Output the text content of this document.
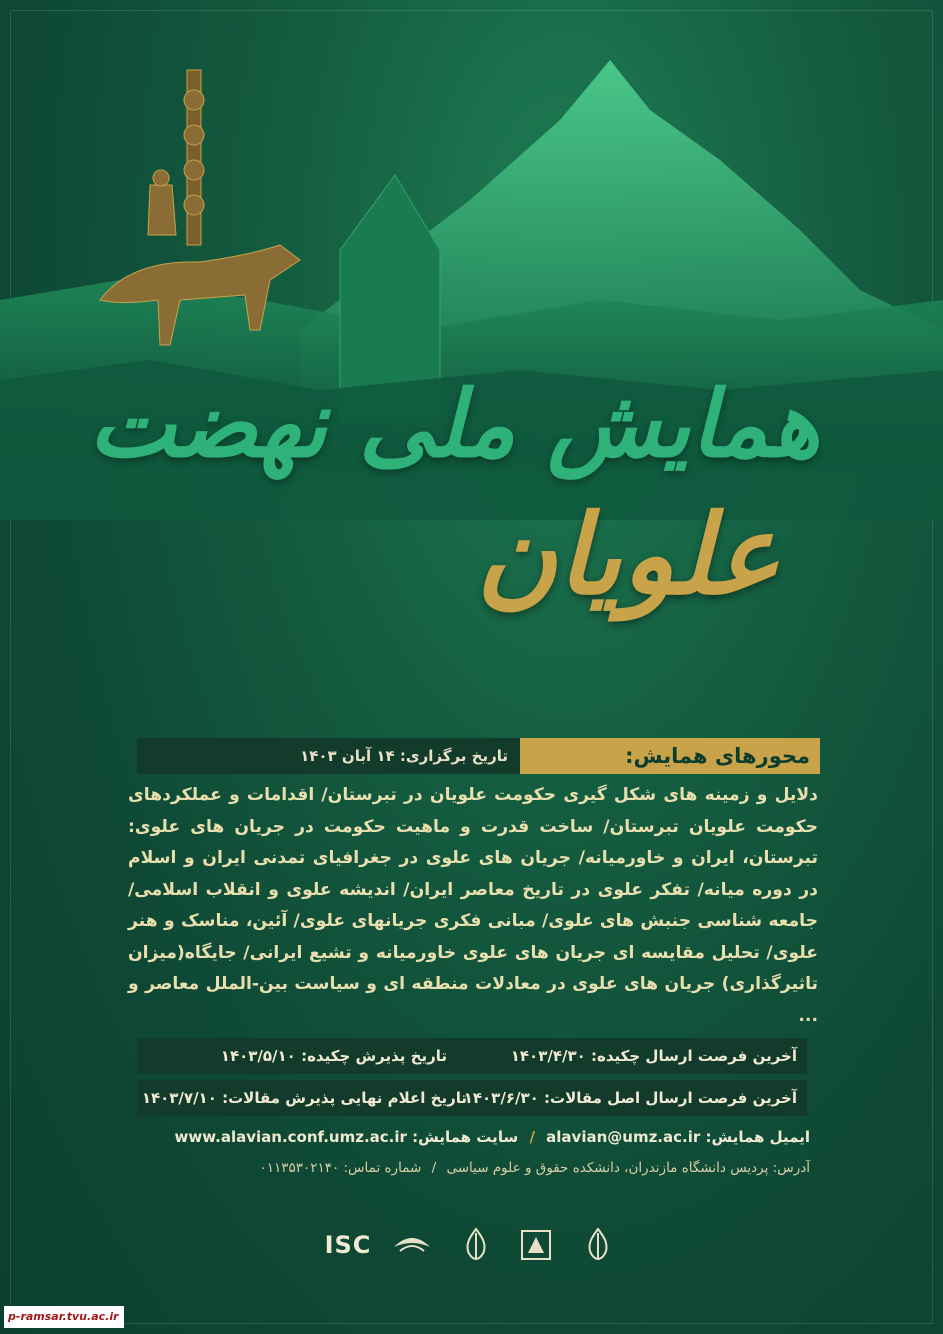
همایش ملی نهضت
علویان
تاریخ برگزاری: ۱۴ آبان ۱۴۰۳	محورهای همایش:
دلایل و زمینه های شکل گیری حکومت علویان در تبرستان/ اقدامات و عملکردهای حکومت علویان تبرستان/ ساخت قدرت و ماهیت حکومت در جریان های علوی: تبرستان، ایران و خاورمیانه/ جریان های علوی در جغرافیای تمدنی ایران و اسلام در دوره میانه/ تفکر علوی در تاریخ معاصر ایران/ اندیشه علوی و انقلاب اسلامی/ جامعه شناسی جنبش های علوی/ مبانی فکری جریانهای علوی/ آئین، مناسک و هنر علوی/ تحلیل مقایسه ای جریان های علوی خاورمیانه و تشیع ایرانی/ جایگاه(میزان تاثیرگذاری) جریان های علوی در معادلات منطقه ای و سیاست بین-الملل معاصر و ...
آخرین فرصت ارسال چکیده: ۱۴۰۳/۴/۳۰
تاریخ پذیرش چکیده: ۱۴۰۳/۵/۱۰
آخرین فرصت ارسال اصل مقالات: ۱۴۰۳/۶/۳۰
تاریخ اعلام نهایی پذیرش مقالات: ۱۴۰۳/۷/۱۰
ایمیل همایش: alavian@umz.ac.ir / سایت همایش: www.alavian.conf.umz.ac.ir
آدرس: پردیس دانشگاه مازندران، دانشکده حقوق و علوم سیاسی / شماره تماس: ۰۱۱۳۵۳۰۲۱۴۰
ISC
p-ramsar.tvu.ac.ir
